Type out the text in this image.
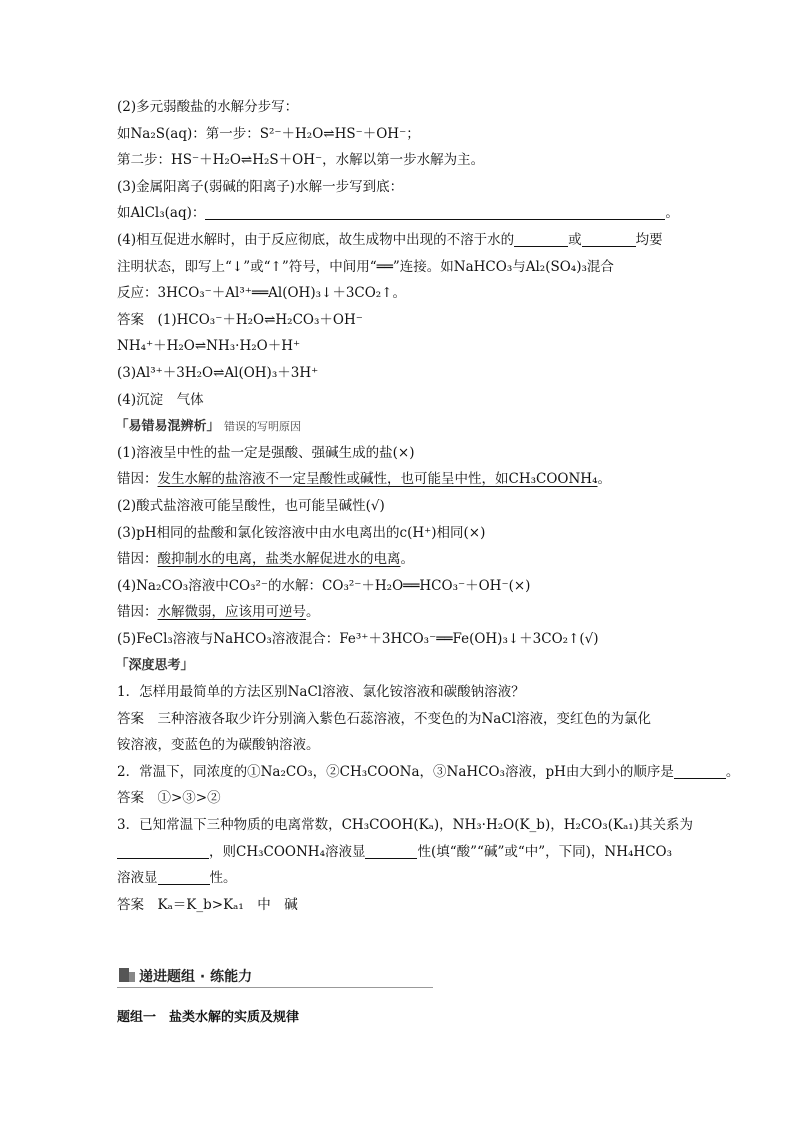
(2)多元弱酸盐的水解分步写：
如Na₂S(aq)：第一步：S²⁻＋H₂O⇌HS⁻＋OH⁻；
第二步：HS⁻＋H₂O⇌H₂S＋OH⁻，水解以第一步水解为主。
(3)金属阳离子(弱碱的阳离子)水解一步写到底：
如AlCl₃(aq)：	。
(4)相互促进水解时，由于反应彻底，故生成物中出现的不溶于水的	或	均要
注明状态，即写上“↓”或“↑”符号，中间用“══”连接。如NaHCO₃与Al₂(SO₄)₃混合
反应：3HCO₃⁻＋Al³⁺══Al(OH)₃↓＋3CO₂↑。
答案　(1)HCO₃⁻＋H₂O⇌H₂CO₃＋OH⁻
NH₄⁺＋H₂O⇌NH₃·H₂O＋H⁺
(3)Al³⁺＋3H₂O⇌Al(OH)₃＋3H⁺
(4)沉淀　气体
「易错易混辨析」 错误的写明原因
(1)溶液呈中性的盐一定是强酸、强碱生成的盐(×)
错因：发生水解的盐溶液不一定呈酸性或碱性，也可能呈中性，如CH₃COONH₄。
(2)酸式盐溶液可能呈酸性，也可能呈碱性(√)
(3)pH相同的盐酸和氯化铵溶液中由水电离出的c(H⁺)相同(×)
错因：酸抑制水的电离，盐类水解促进水的电离。
(4)Na₂CO₃溶液中CO₃²⁻的水解：CO₃²⁻＋H₂O══HCO₃⁻＋OH⁻(×)
错因：水解微弱，应该用可逆号。
(5)FeCl₃溶液与NaHCO₃溶液混合：Fe³⁺＋3HCO₃⁻══Fe(OH)₃↓＋3CO₂↑(√)
「深度思考」
1．怎样用最简单的方法区别NaCl溶液、氯化铵溶液和碳酸钠溶液？
答案　三种溶液各取少许分别滴入紫色石蕊溶液，不变色的为NaCl溶液，变红色的为氯化
铵溶液，变蓝色的为碳酸钠溶液。
2．常温下，同浓度的①Na₂CO₃，②CH₃COONa，③NaHCO₃溶液，pH由大到小的顺序是	。
答案　①>③>②
3．已知常温下三种物质的电离常数，CH₃COOH(Kₐ)，NH₃·H₂O(K_b)，H₂CO₃(Kₐ₁)其关系为
，则CH₃COONH₄溶液显	性(填“酸”“碱”或“中”，下同)，NH₄HCO₃
溶液显	性。
答案　Kₐ＝K_b>Kₐ₁　中　碱
递进题组 · 练能力
题组一　盐类水解的实质及规律
